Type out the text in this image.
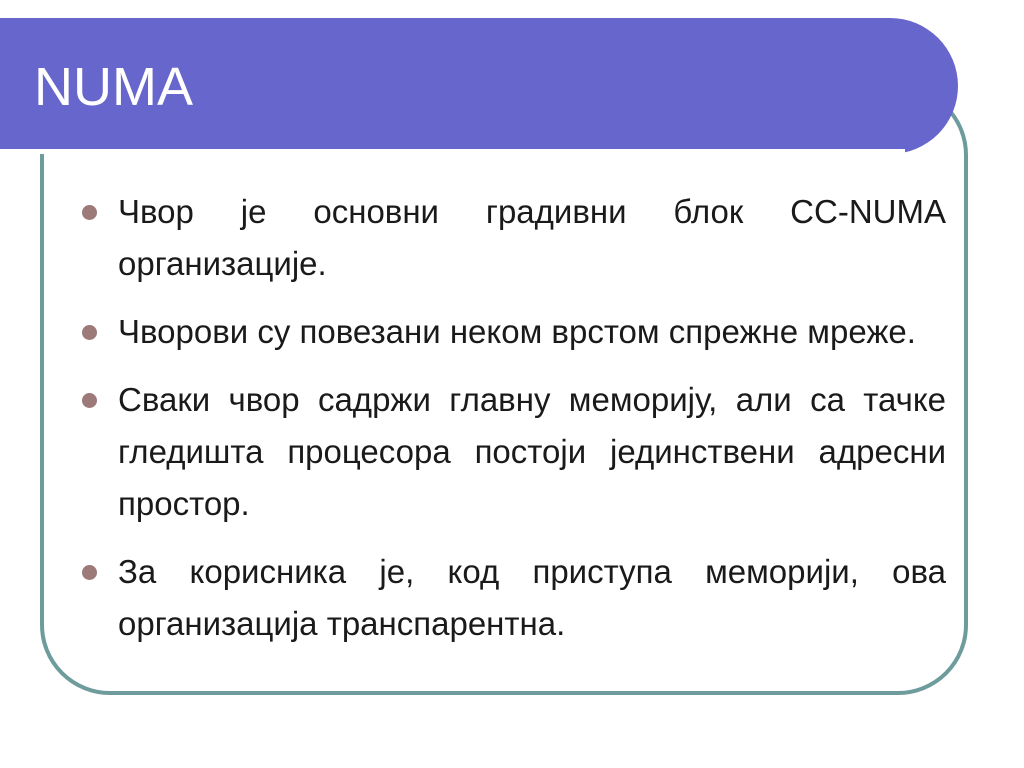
NUMA
Чвор је основни градивни блок CC-NUMA организације.
Чворови су повезани неком врстом спрежне мреже.
Сваки чвор садржи главну меморију, али са тачке гледишта процесора постоји јединствени адресни простор.
За корисника је, код приступа меморији, ова организација транспарентна.
